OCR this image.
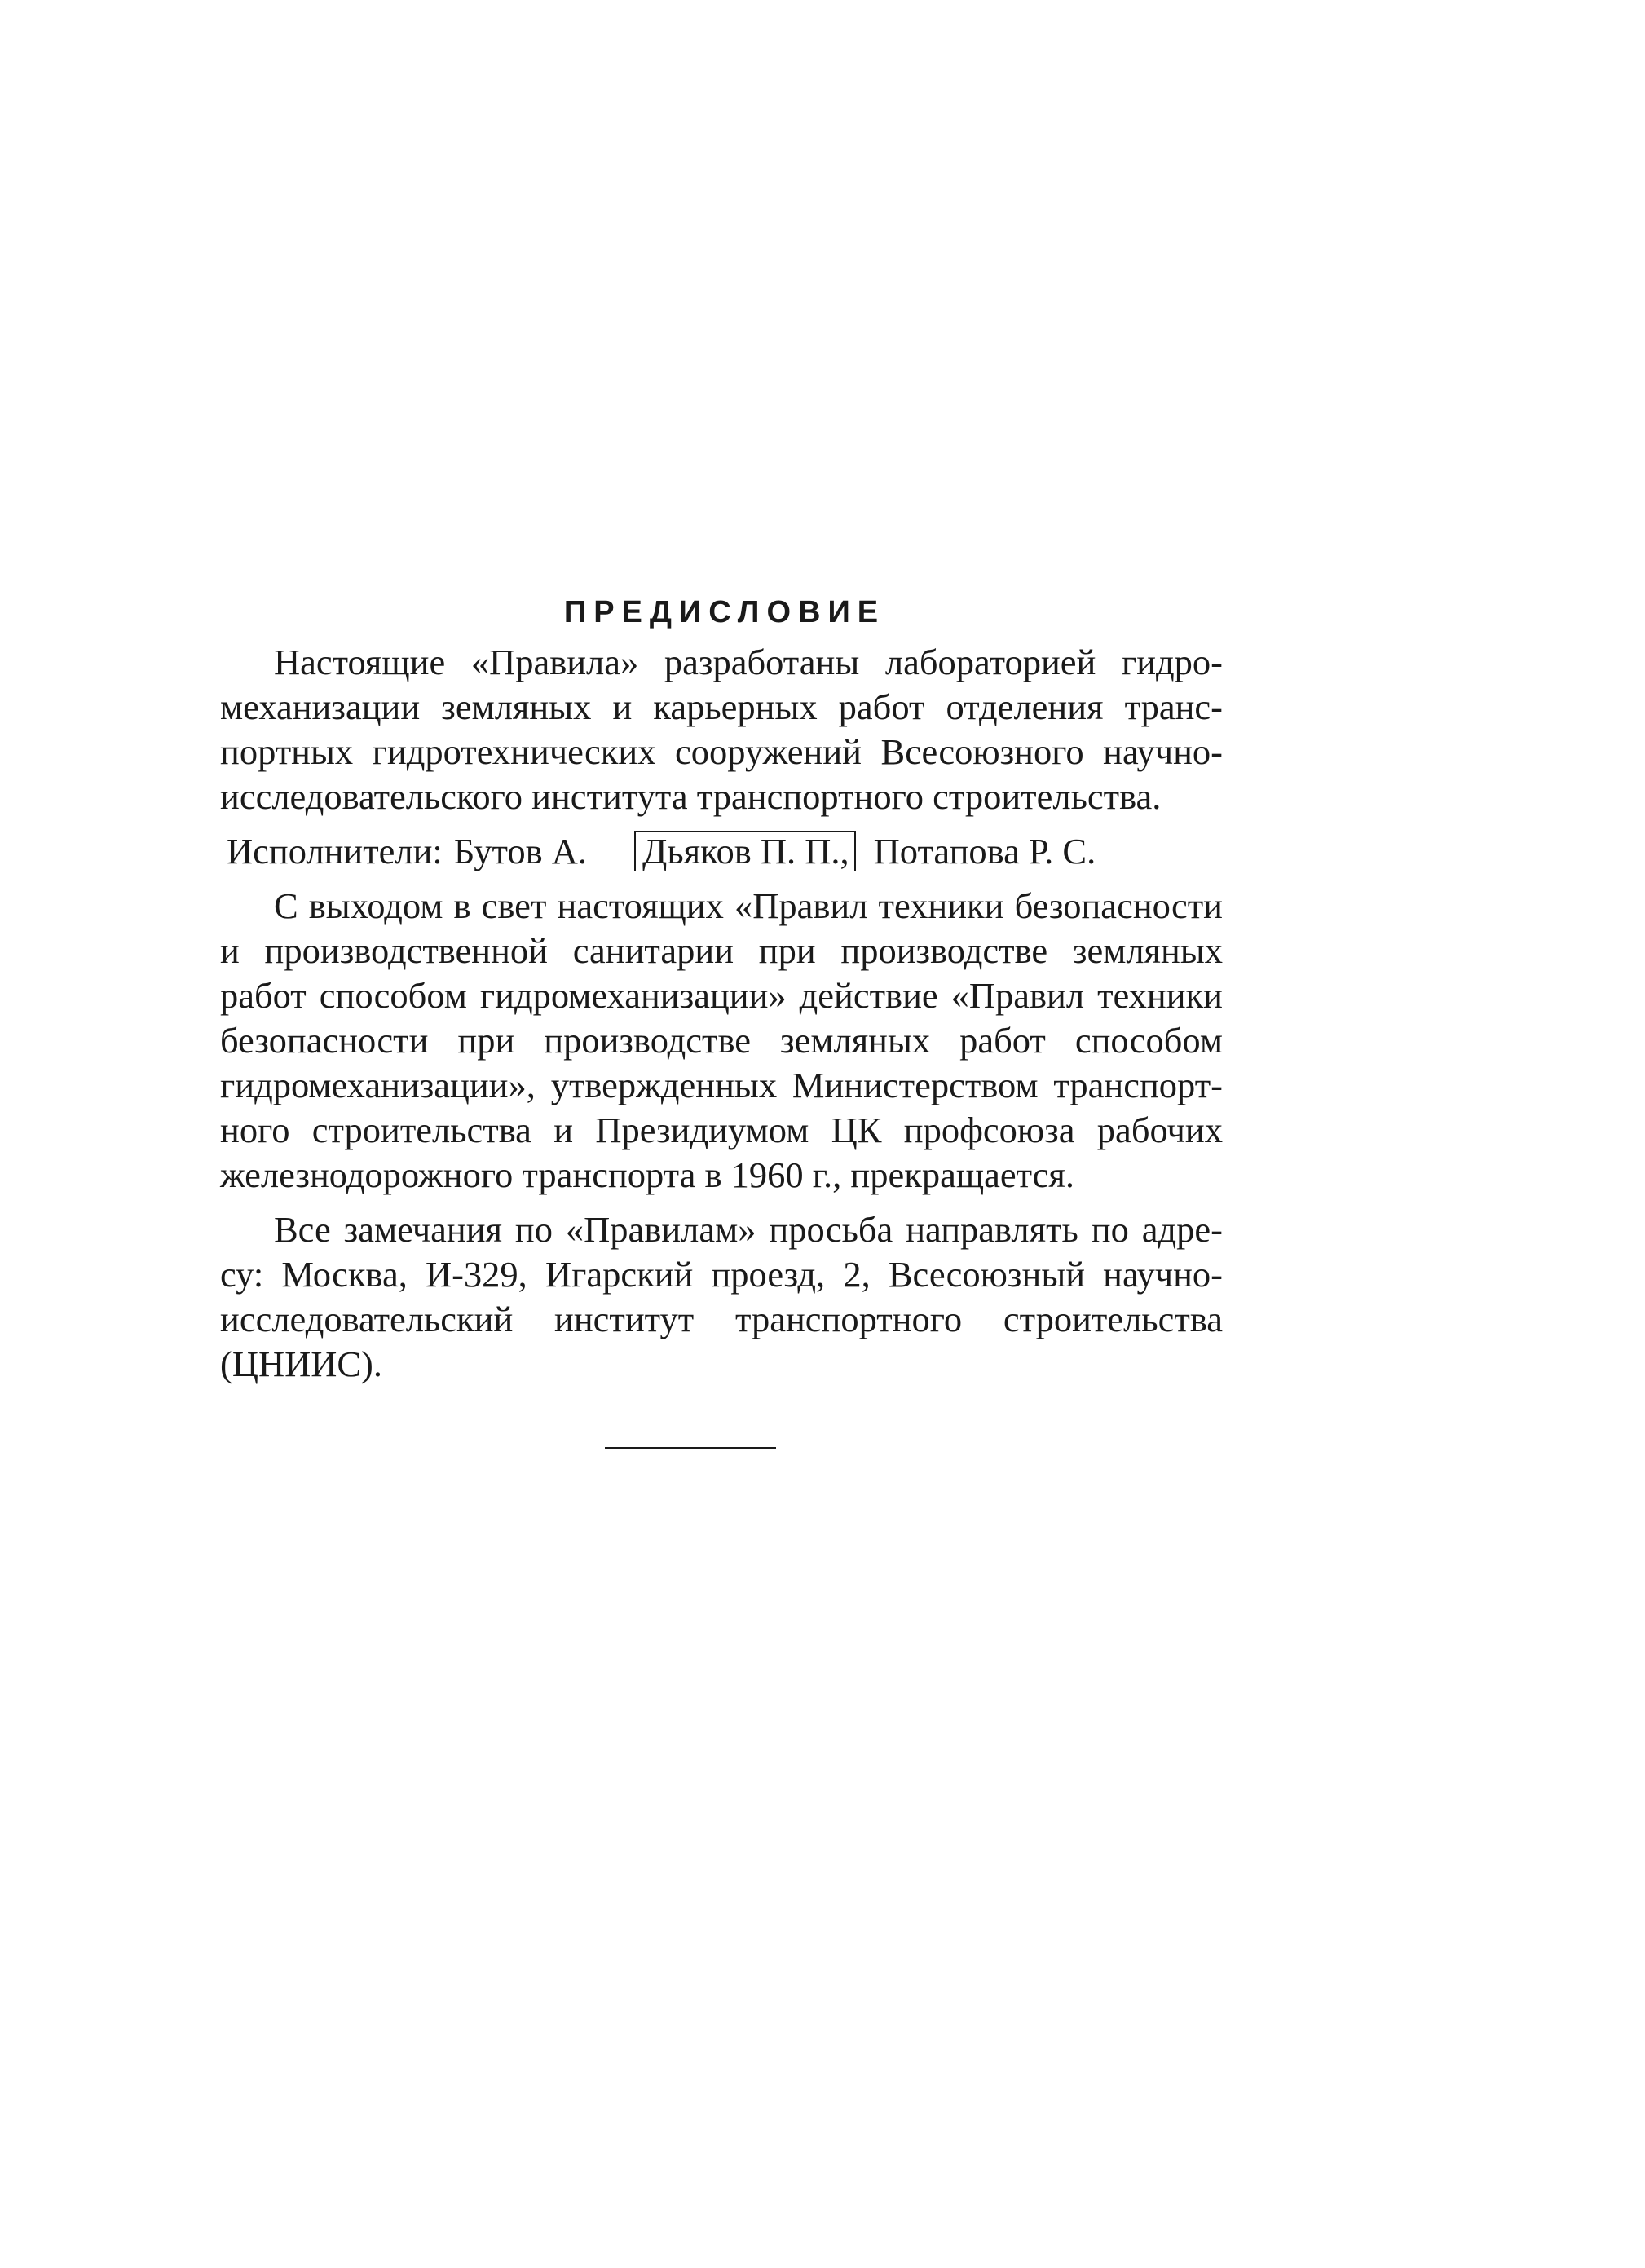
ПРЕДИСЛОВИЕ

Настоящие «Правила» разработаны лабораторией гидромеханизации земляных и карьерных работ отделения транспортных гидротехнических сооружений Всесоюзного научно-исследовательского института транспортного строительства.

Исполнители: Бутов А. Дьяков П. П., Потапова Р. С.

С выходом в свет настоящих «Правил техники безопасности и производственной санитарии при производстве земляных работ способом гидромеханизации» действие «Правил техники безопасности при производстве земляных работ способом гидромеханизации», утвержденных Министерством транспортного строительства и Президиумом ЦК профсоюза рабочих железнодорожного транспорта в 1960 г., прекращается.

Все замечания по «Правилам» просьба направлять по адресу: Москва, И-329, Игарский проезд, 2, Всесоюзный научно-исследовательский институт транспортного строительства (ЦНИИС).
